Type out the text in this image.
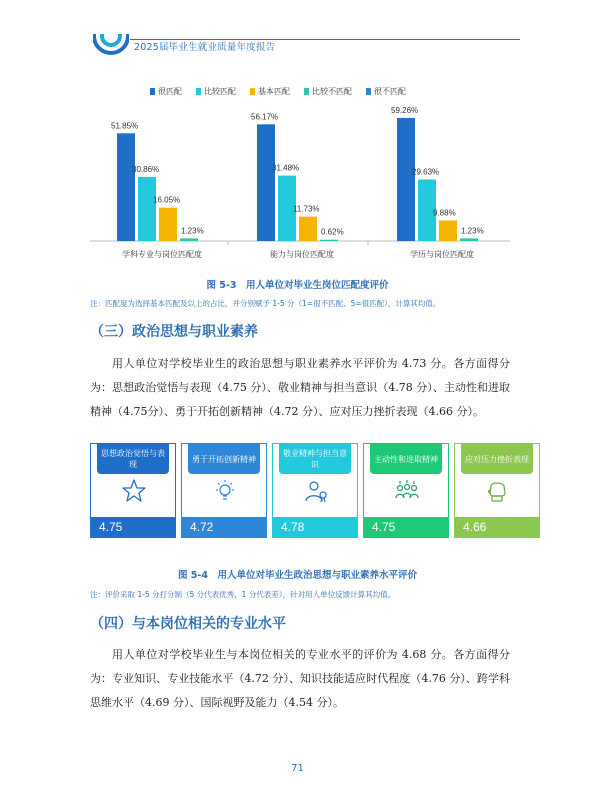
2025届毕业生就业质量年度报告
很匹配	比较匹配	基本匹配	比较不匹配	很不匹配
51.85%
30.86%
16.05%
1.23%
学科专业与岗位匹配度
56.17%
31.48%
11.73%
0.62%
能力与岗位匹配度
59.26%
29.63%
9.88%
1.23%
学历与岗位匹配度
图 5-3　用人单位对毕业生岗位匹配度评价
注：匹配度为选择基本匹配及以上的占比，并分别赋予 1-5 分（1=很不匹配、5=很匹配），计算其均值。
（三）政治思想与职业素养

用人单位对学校毕业生的政治思想与职业素养水平评价为 4.73 分。各方面得分为：思想政治觉悟与表现（4.75 分）、敬业精神与担当意识（4.78 分）、主动性和进取精神（4.75分）、勇于开拓创新精神（4.72 分）、应对压力挫折表现（4.66 分）。

思想政治觉悟与表现
4.75
勇于开拓创新精神
4.72
敬业精神与担当意识
4.78
主动性和进取精神
4.75
应对压力挫折表现
4.66
图 5-4　用人单位对毕业生政治思想与职业素养水平评价
注：评价采取 1-5 分打分制（5 分代表优秀，1 分代表差），针对用人单位反馈计算其均值。
（四）与本岗位相关的专业水平

用人单位对学校毕业生与本岗位相关的专业水平的评价为 4.68 分。各方面得分为：专业知识、专业技能水平（4.72 分）、知识技能适应时代程度（4.76 分）、跨学科思维水平（4.69 分）、国际视野及能力（4.54 分）。

71
